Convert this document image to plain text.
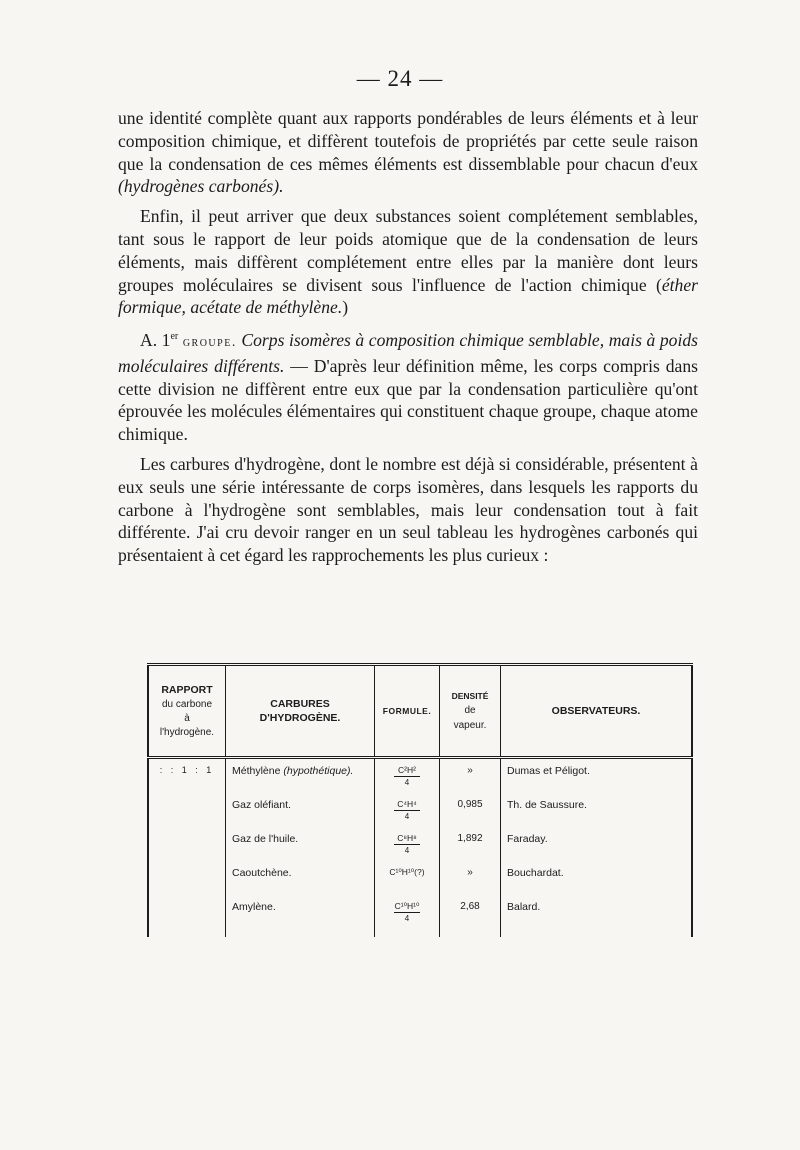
— 24 —

une identité complète quant aux rapports pondérables de leurs éléments et à leur composition chimique, et diffèrent toutefois de propriétés par cette seule raison que la condensation de ces mêmes éléments est dissemblable pour chacun d'eux (hydrogènes carbonés).

Enfin, il peut arriver que deux substances soient complétement semblables, tant sous le rapport de leur poids atomique que de la condensation de leurs éléments, mais diffèrent complétement entre elles par la manière dont leurs groupes moléculaires se divisent sous l'influence de l'action chimique (éther formique, acétate de méthylène.)

A. 1er groupe. Corps isomères à composition chimique semblable, mais à poids moléculaires différents. — D'après leur définition même, les corps compris dans cette division ne diffèrent entre eux que par la condensation particulière qu'ont éprouvée les molécules élémentaires qui constituent chaque groupe, chaque atome chimique.

Les carbures d'hydrogène, dont le nombre est déjà si considérable, présentent à eux seuls une série intéressante de corps isomères, dans lesquels les rapports du carbone à l'hydrogène sont semblables, mais leur condensation tout à fait différente. J'ai cru devoir ranger en un seul tableau les hydrogènes carbonés qui présentaient à cet égard les rapprochements les plus curieux :

RAPPORT
du carbone
à
l'hydrogène.	CARBURES D'HYDROGÈNE.	FORMULE.	DENSITÉ
de
vapeur.	OBSERVATEURS.
: : 1 : 1	Méthylène (hypothétique).	$\frac{\text{C²H²}}{4}$	»	Dumas et Péligot.
	Gaz oléfiant.	$\frac{\text{C⁴H⁴}}{4}$	0,985	Th. de Saussure.
	Gaz de l'huile.	$\frac{\text{C⁸H⁸}}{4}$	1,892	Faraday.
	Caoutchène.	C¹⁰H¹⁰(?)	»	Bouchardat.
	Amylène.	$\frac{\text{C¹⁰H¹⁰}}{4}$	2,68	Balard.
